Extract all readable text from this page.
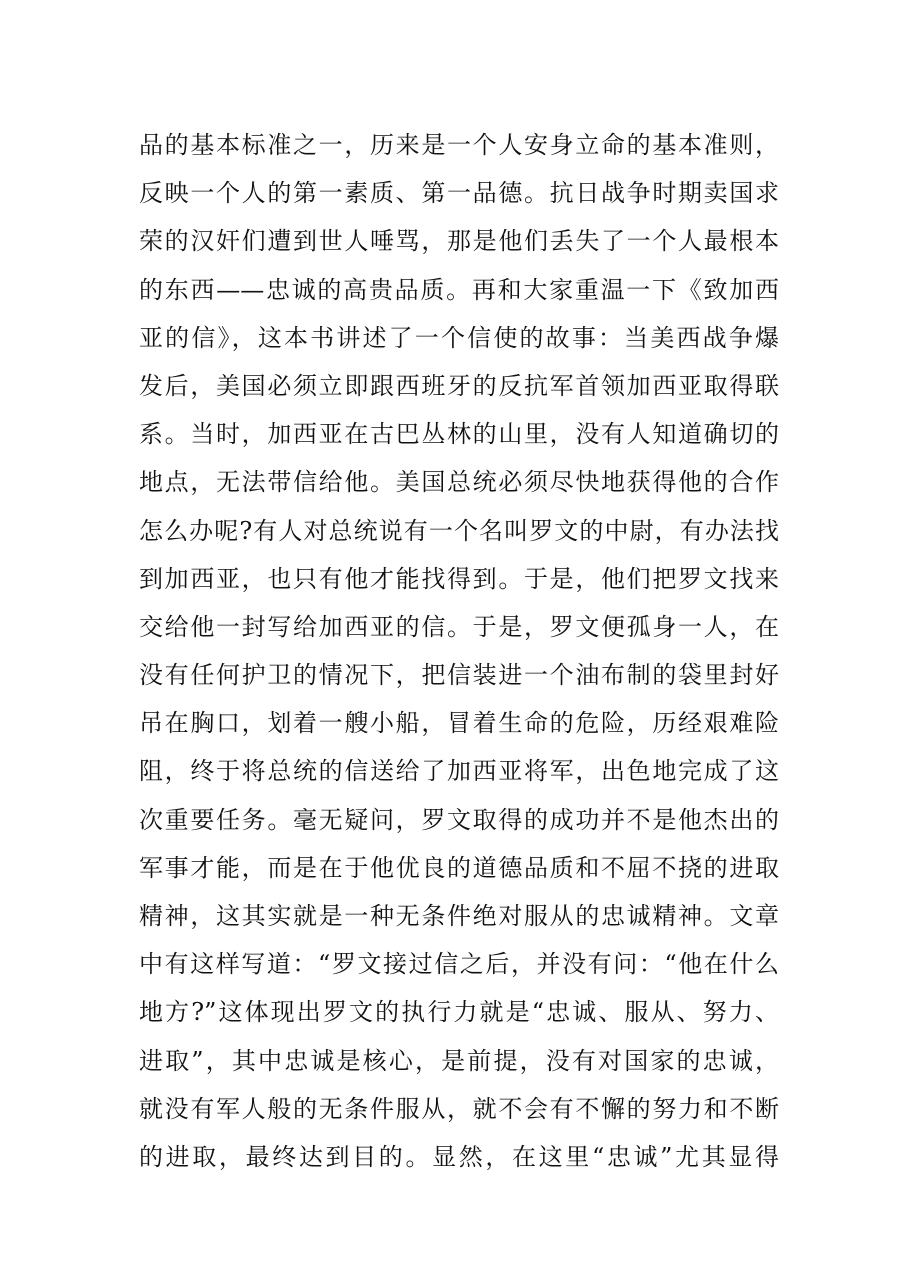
品的基本标准之一，历来是一个人安身立命的基本准则，
反映一个人的第一素质、第一品德。抗日战争时期卖国求
荣的汉奸们遭到世人唾骂，那是他们丢失了一个人最根本
的东西——忠诚的高贵品质。再和大家重温一下《致加西
亚的信》，这本书讲述了一个信使的故事：当美西战争爆
发后，美国必须立即跟西班牙的反抗军首领加西亚取得联
系。当时，加西亚在古巴丛林的山里，没有人知道确切的
地点，无法带信给他。美国总统必须尽快地获得他的合作
怎么办呢?有人对总统说有一个名叫罗文的中尉，有办法找
到加西亚，也只有他才能找得到。于是，他们把罗文找来
交给他一封写给加西亚的信。于是，罗文便孤身一人，在
没有任何护卫的情况下，把信装进一个油布制的袋里封好
吊在胸口，划着一艘小船，冒着生命的危险，历经艰难险
阻，终于将总统的信送给了加西亚将军，出色地完成了这
次重要任务。毫无疑问，罗文取得的成功并不是他杰出的
军事才能，而是在于他优良的道德品质和不屈不挠的进取
精神，这其实就是一种无条件绝对服从的忠诚精神。文章
中有这样写道：“罗文接过信之后，并没有问：“他在什么
地方?”这体现出罗文的执行力就是“忠诚、服从、努力、
进取”，其中忠诚是核心，是前提，没有对国家的忠诚，
就没有军人般的无条件服从，就不会有不懈的努力和不断
的进取，最终达到目的。显然，在这里“忠诚”尤其显得
